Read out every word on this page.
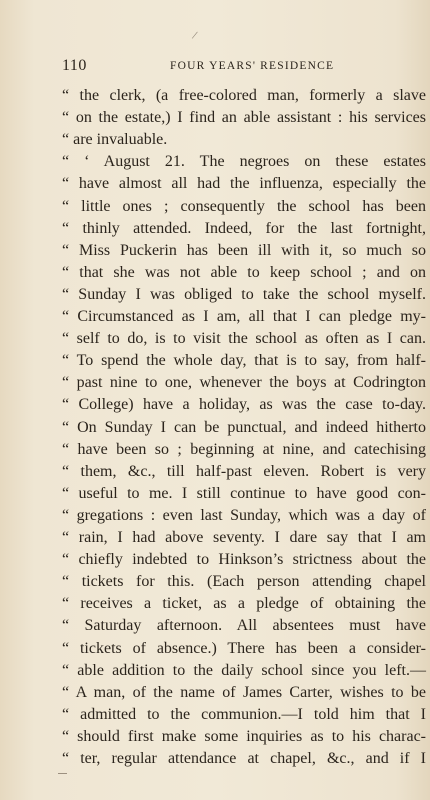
/
110	FOUR YEARS' RESIDENCE
“ the clerk, (a free-colored man, formerly a slave
“ on the estate,) I find an able assistant : his services
“ are invaluable.
“ ‘ August 21. The negroes on these estates
“ have almost all had the influenza, especially the
“ little ones ; consequently the school has been
“ thinly attended. Indeed, for the last fortnight,
“ Miss Puckerin has been ill with it, so much so
“ that she was not able to keep school ; and on
“ Sunday I was obliged to take the school myself.
“ Circumstanced as I am, all that I can pledge my-
“ self to do, is to visit the school as often as I can.
“ To spend the whole day, that is to say, from half-
“ past nine to one, whenever the boys at Codrington
“ College) have a holiday, as was the case to-day.
“ On Sunday I can be punctual, and indeed hitherto
“ have been so ; beginning at nine, and catechising
“ them, &c., till half-past eleven. Robert is very
“ useful to me. I still continue to have good con-
“ gregations : even last Sunday, which was a day of
“ rain, I had above seventy. I dare say that I am
“ chiefly indebted to Hinkson’s strictness about the
“ tickets for this. (Each person attending chapel
“ receives a ticket, as a pledge of obtaining the
“ Saturday afternoon. All absentees must have
“ tickets of absence.) There has been a consider-
“ able addition to the daily school since you left.—
“ A man, of the name of James Carter, wishes to be
“ admitted to the communion.—I told him that I
“ should first make some inquiries as to his charac-
“ ter, regular attendance at chapel, &c., and if I
